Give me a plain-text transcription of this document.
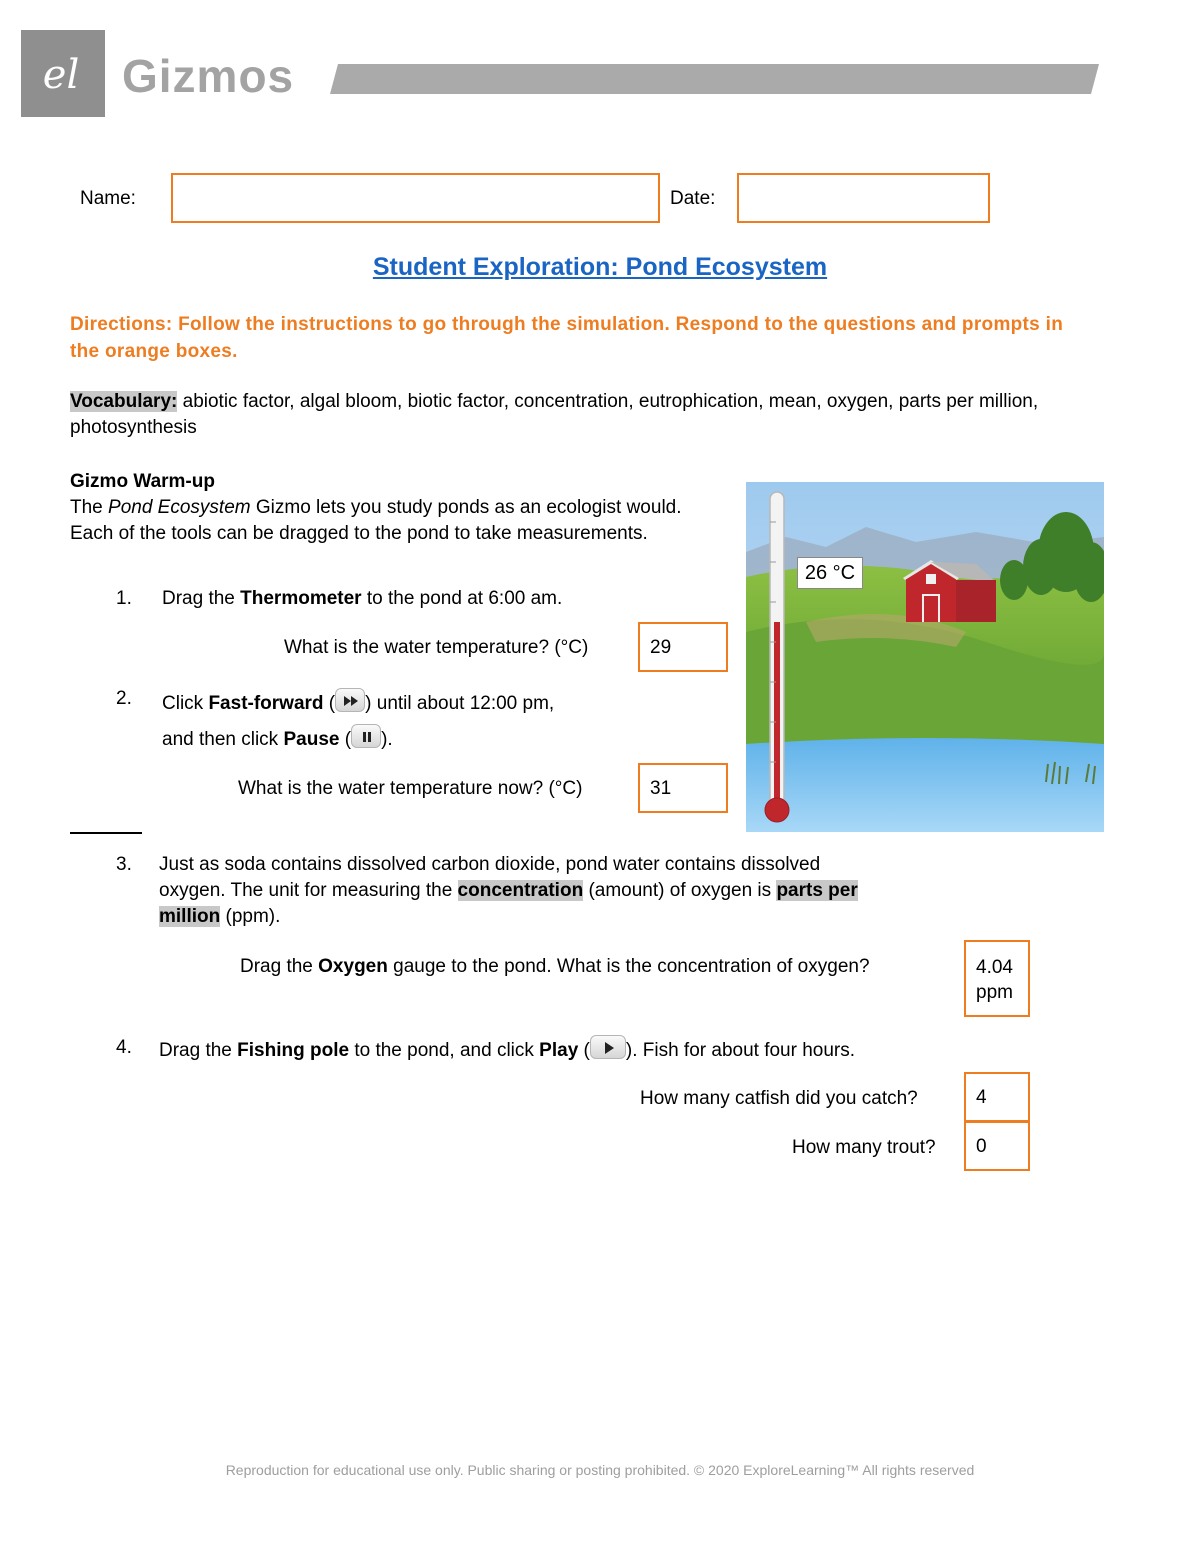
el Gizmos
Name:	Date:
Student Exploration: Pond Ecosystem
Directions: Follow the instructions to go through the simulation. Respond to the questions and prompts in the orange boxes.
Vocabulary: abiotic factor, algal bloom, biotic factor, concentration, eutrophication, mean, oxygen, parts per million, photosynthesis
Gizmo Warm-up
The Pond Ecosystem Gizmo lets you study ponds as an ecologist would. Each of the tools can be dragged to the pond to take measurements.
1. Drag the Thermometer to the pond at 6:00 am.
What is the water temperature? (°C)	29
2. Click Fast-forward ( ) until about 12:00 pm,
and then click Pause ( ).
What is the water temperature now? (°C)	31
26 °C
3. Just as soda contains dissolved carbon dioxide, pond water contains dissolved
oxygen. The unit for measuring the concentration (amount) of oxygen is parts per
million (ppm).
Drag the Oxygen gauge to the pond. What is the concentration of oxygen?	4.04
ppm
4. Drag the Fishing pole to the pond, and click Play ( ). Fish for about four hours.
How many catfish did you catch?	4
How many trout?	0
Reproduction for educational use only. Public sharing or posting prohibited. © 2020 ExploreLearning™ All rights reserved
